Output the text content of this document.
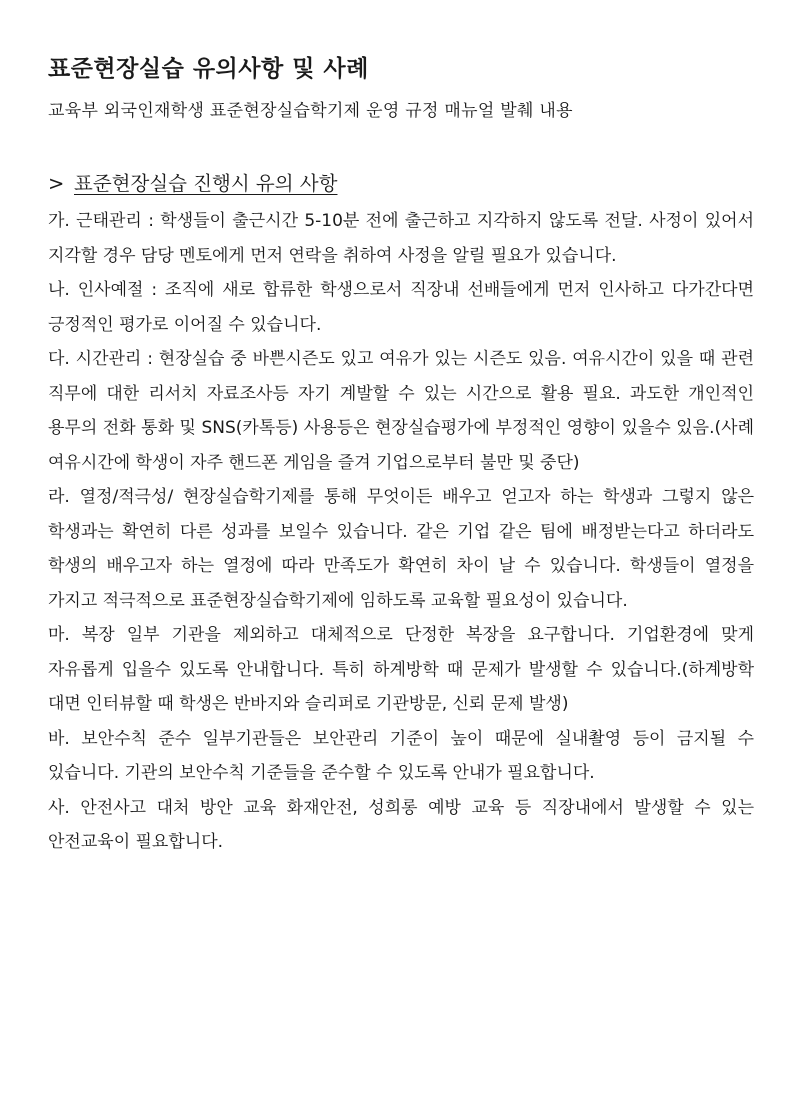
표준현장실습 유의사항 및 사례
교육부 외국인재학생 표준현장실습학기제 운영 규정 매뉴얼 발췌 내용
> 표준현장실습 진행시 유의 사항

가. 근태관리 : 학생들이 출근시간 5-10분 전에 출근하고 지각하지 않도록 전달. 사정이 있어서 지각할 경우 담당 멘토에게 먼저 연락을 취하여 사정을 알릴 필요가 있습니다.

나. 인사예절 : 조직에 새로 합류한 학생으로서 직장내 선배들에게 먼저 인사하고 다가간다면 긍정적인 평가로 이어질 수 있습니다.

다. 시간관리 : 현장실습 중 바쁜시즌도 있고 여유가 있는 시즌도 있음. 여유시간이 있을 때 관련 직무에 대한 리서치 자료조사등 자기 계발할 수 있는 시간으로 활용 필요. 과도한 개인적인 용무의 전화 통화 및 SNS(카톡등) 사용등은 현장실습평가에 부정적인 영향이 있을수 있음.(사례 여유시간에 학생이 자주 핸드폰 게임을 즐겨 기업으로부터 불만 및 중단)

라. 열정/적극성/ 현장실습학기제를 통해 무엇이든 배우고 얻고자 하는 학생과 그렇지 않은 학생과는 확연히 다른 성과를 보일수 있습니다. 같은 기업 같은 팀에 배정받는다고 하더라도 학생의 배우고자 하는 열정에 따라 만족도가 확연히 차이 날 수 있습니다. 학생들이 열정을 가지고 적극적으로 표준현장실습학기제에 임하도록 교육할 필요성이 있습니다.

마. 복장 일부 기관을 제외하고 대체적으로 단정한 복장을 요구합니다. 기업환경에 맞게 자유롭게 입을수 있도록 안내합니다. 특히 하계방학 때 문제가 발생할 수 있습니다.(하계방학 대면 인터뷰할 때 학생은 반바지와 슬리퍼로 기관방문, 신뢰 문제 발생)

바. 보안수칙 준수 일부기관들은 보안관리 기준이 높이 때문에 실내촬영 등이 금지될 수 있습니다. 기관의 보안수칙 기준들을 준수할 수 있도록 안내가 필요합니다.

사. 안전사고 대처 방안 교육 화재안전, 성희롱 예방 교육 등 직장내에서 발생할 수 있는 안전교육이 필요합니다.
